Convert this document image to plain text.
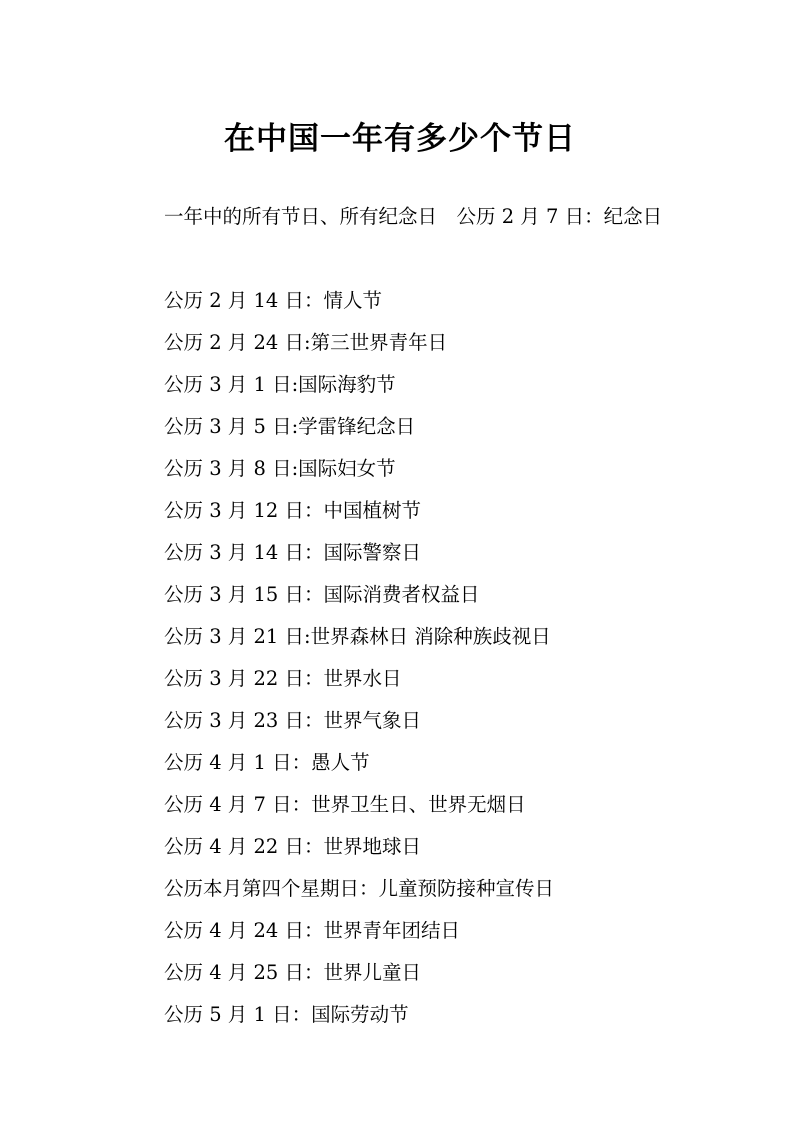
在中国一年有多少个节日

一年中的所有节日、所有纪念日　公历 2 月 7 日：纪念日

公历 2 月 14 日：情人节
公历 2 月 24 日:第三世界青年日
公历 3 月 1 日:国际海豹节
公历 3 月 5 日:学雷锋纪念日
公历 3 月 8 日:国际妇女节
公历 3 月 12 日：中国植树节
公历 3 月 14 日：国际警察日
公历 3 月 15 日：国际消费者权益日
公历 3 月 21 日:世界森林日 消除种族歧视日
公历 3 月 22 日：世界水日
公历 3 月 23 日：世界气象日
公历 4 月 1 日：愚人节
公历 4 月 7 日：世界卫生日、世界无烟日
公历 4 月 22 日：世界地球日
公历本月第四个星期日：儿童预防接种宣传日
公历 4 月 24 日：世界青年团结日
公历 4 月 25 日：世界儿童日
公历 5 月 1 日：国际劳动节
